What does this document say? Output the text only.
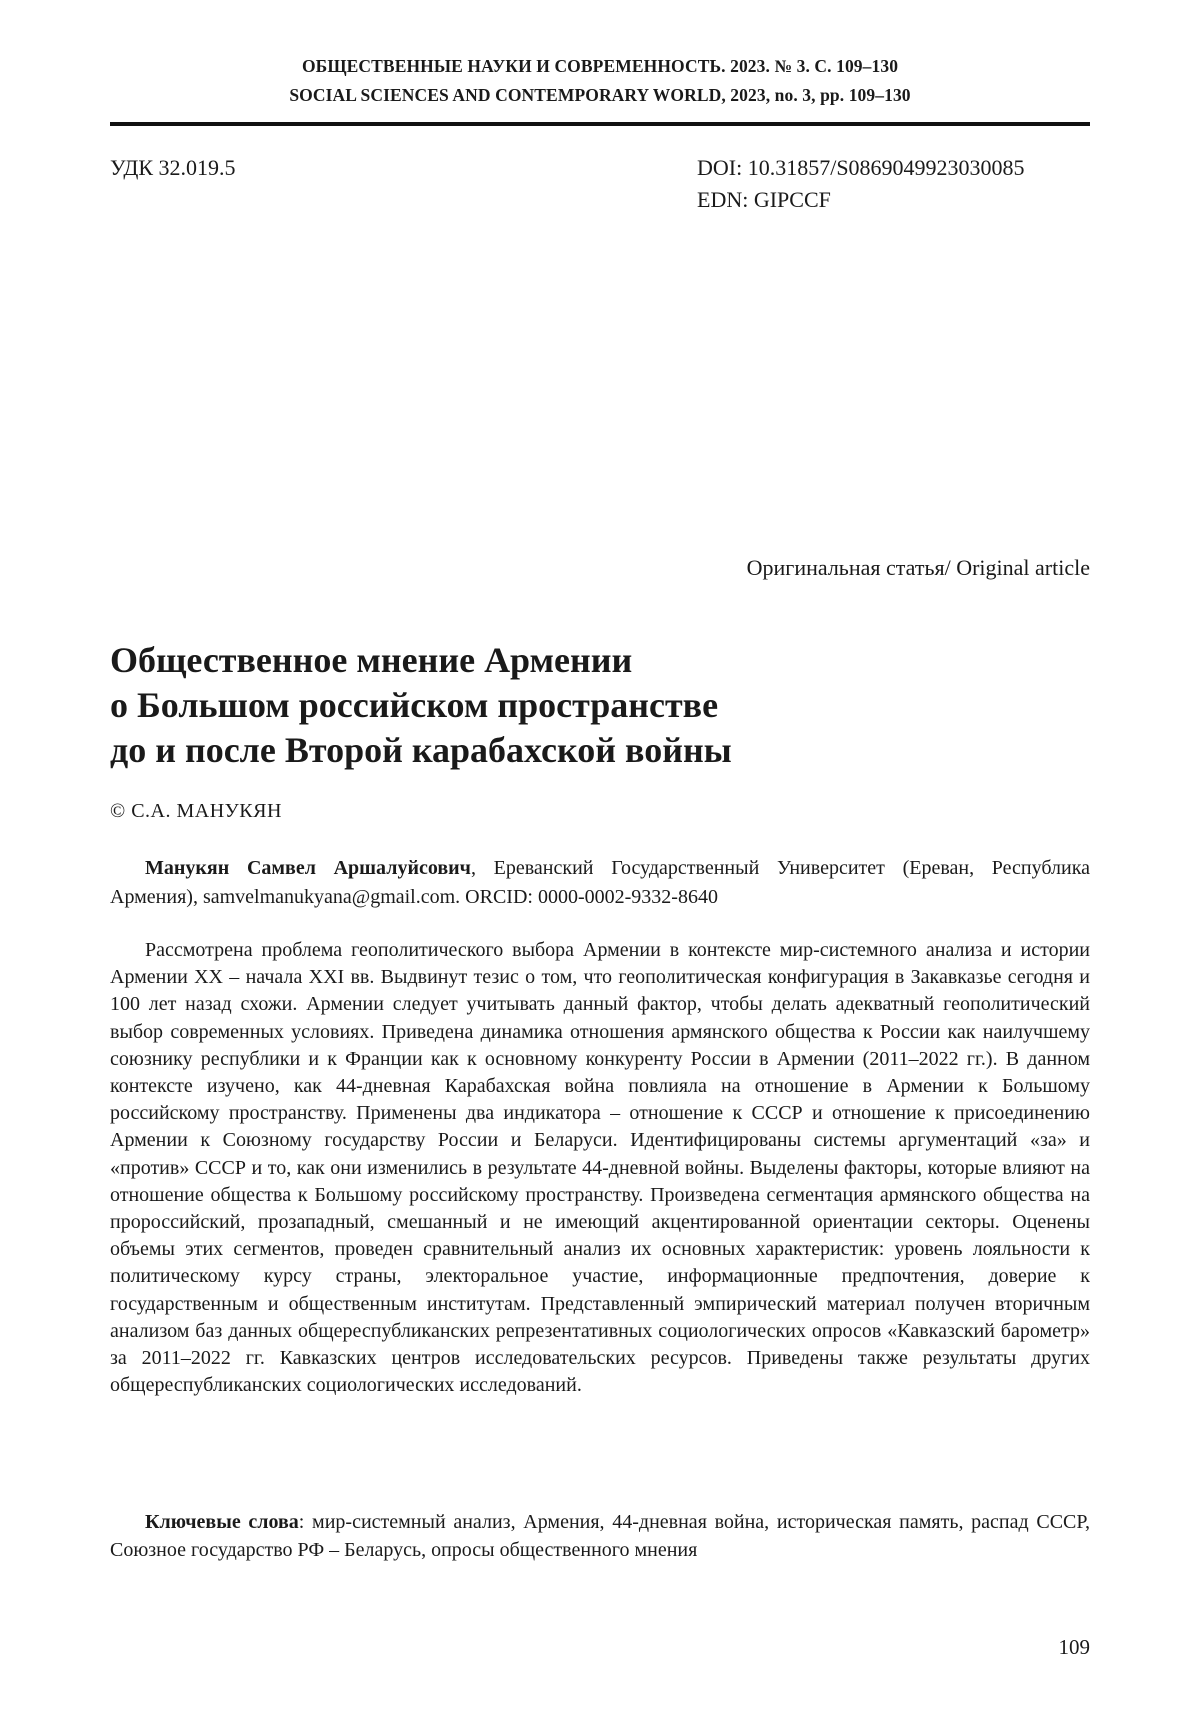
ОБЩЕСТВЕННЫЕ НАУКИ И СОВРЕМЕННОСТЬ. 2023. № 3. С. 109–130
SOCIAL SCIENCES AND CONTEMPORARY WORLD, 2023, no. 3, pp. 109–130
УДК 32.019.5	DOI: 10.31857/S0869049923030085
EDN: GIPCCF
Оригинальная статья/ Original article
Общественное мнение Армении
о Большом российском пространстве
до и после Второй карабахской войны
© С.А. МАНУКЯН

Манукян Самвел Аршалуйсович, Ереванский Государственный Университет (Ереван, Республика Армения), samvelmanukyana@gmail.com. ORCID: 0000-0002-9332-8640

Рассмотрена проблема геополитического выбора Армении в контексте мир-системного анализа и истории Армении XX – начала XXI вв. Выдвинут тезис о том, что геополитическая конфигурация в Закавказье сегодня и 100 лет назад схожи. Армении следует учитывать данный фактор, чтобы делать адекватный геополитический выбор современных условиях. Приведена динамика отношения армянского общества к России как наилучшему союзнику республики и к Франции как к основному конкуренту России в Армении (2011–2022 гг.). В данном контексте изучено, как 44-дневная Карабахская война повлияла на отношение в Армении к Большому российскому пространству. Применены два индикатора – отношение к СССР и отношение к присоединению Армении к Союзному государству России и Беларуси. Идентифицированы системы аргументаций «за» и «против» СССР и то, как они изменились в результате 44-дневной войны. Выделены факторы, которые влияют на отношение общества к Большому российскому пространству. Произведена сегментация армянского общества на пророссийский, прозападный, смешанный и не имеющий акцентированной ориентации секторы. Оценены объемы этих сегментов, проведен сравнительный анализ их основных характеристик: уровень лояльности к политическому курсу страны, электоральное участие, информационные предпочтения, доверие к государственным и общественным институтам. Представленный эмпирический материал получен вторичным анализом баз данных общереспубликанских репрезентативных социологических опросов «Кавказский барометр» за 2011–2022 гг. Кавказских центров исследовательских ресурсов. Приведены также результаты других общереспубликанских социологических исследований.

Ключевые слова: мир-системный анализ, Армения, 44-дневная война, историческая память, распад СССР, Союзное государство РФ – Беларусь, опросы общественного мнения

109
